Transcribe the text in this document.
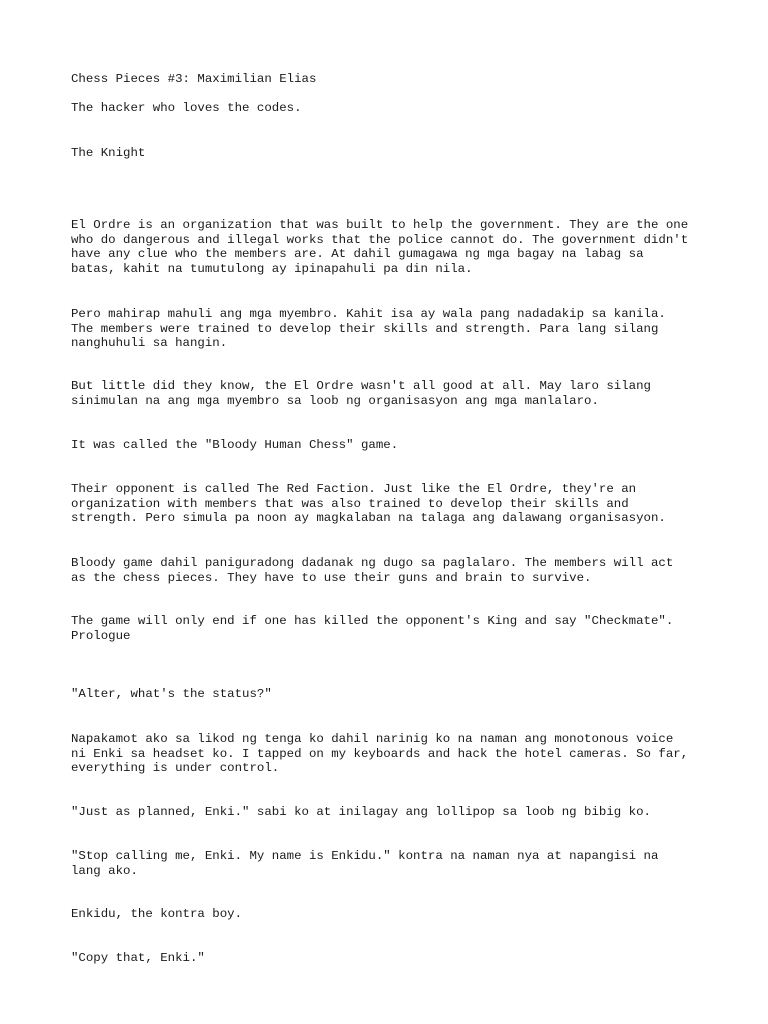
Chess Pieces #3: Maximilian Elias

The hacker who loves the codes.

The Knight

El Ordre is an organization that was built to help the government. They are the one
who do dangerous and illegal works that the police cannot do. The government didn't
have any clue who the members are. At dahil gumagawa ng mga bagay na labag sa
batas, kahit na tumutulong ay ipinapahuli pa din nila.

Pero mahirap mahuli ang mga myembro. Kahit isa ay wala pang nadadakip sa kanila.
The members were trained to develop their skills and strength. Para lang silang
nanghuhuli sa hangin.

But little did they know, the El Ordre wasn't all good at all. May laro silang
sinimulan na ang mga myembro sa loob ng organisasyon ang mga manlalaro.

It was called the "Bloody Human Chess" game.

Their opponent is called The Red Faction. Just like the El Ordre, they're an
organization with members that was also trained to develop their skills and
strength. Pero simula pa noon ay magkalaban na talaga ang dalawang organisasyon.

Bloody game dahil paniguradong dadanak ng dugo sa paglalaro. The members will act
as the chess pieces. They have to use their guns and brain to survive.

The game will only end if one has killed the opponent's King and say "Checkmate".

Prologue

"Alter, what's the status?"

Napakamot ako sa likod ng tenga ko dahil narinig ko na naman ang monotonous voice
ni Enki sa headset ko. I tapped on my keyboards and hack the hotel cameras. So far,
everything is under control.

"Just as planned, Enki." sabi ko at inilagay ang lollipop sa loob ng bibig ko.

"Stop calling me, Enki. My name is Enkidu." kontra na naman nya at napangisi na
lang ako.

Enkidu, the kontra boy.

"Copy that, Enki."
